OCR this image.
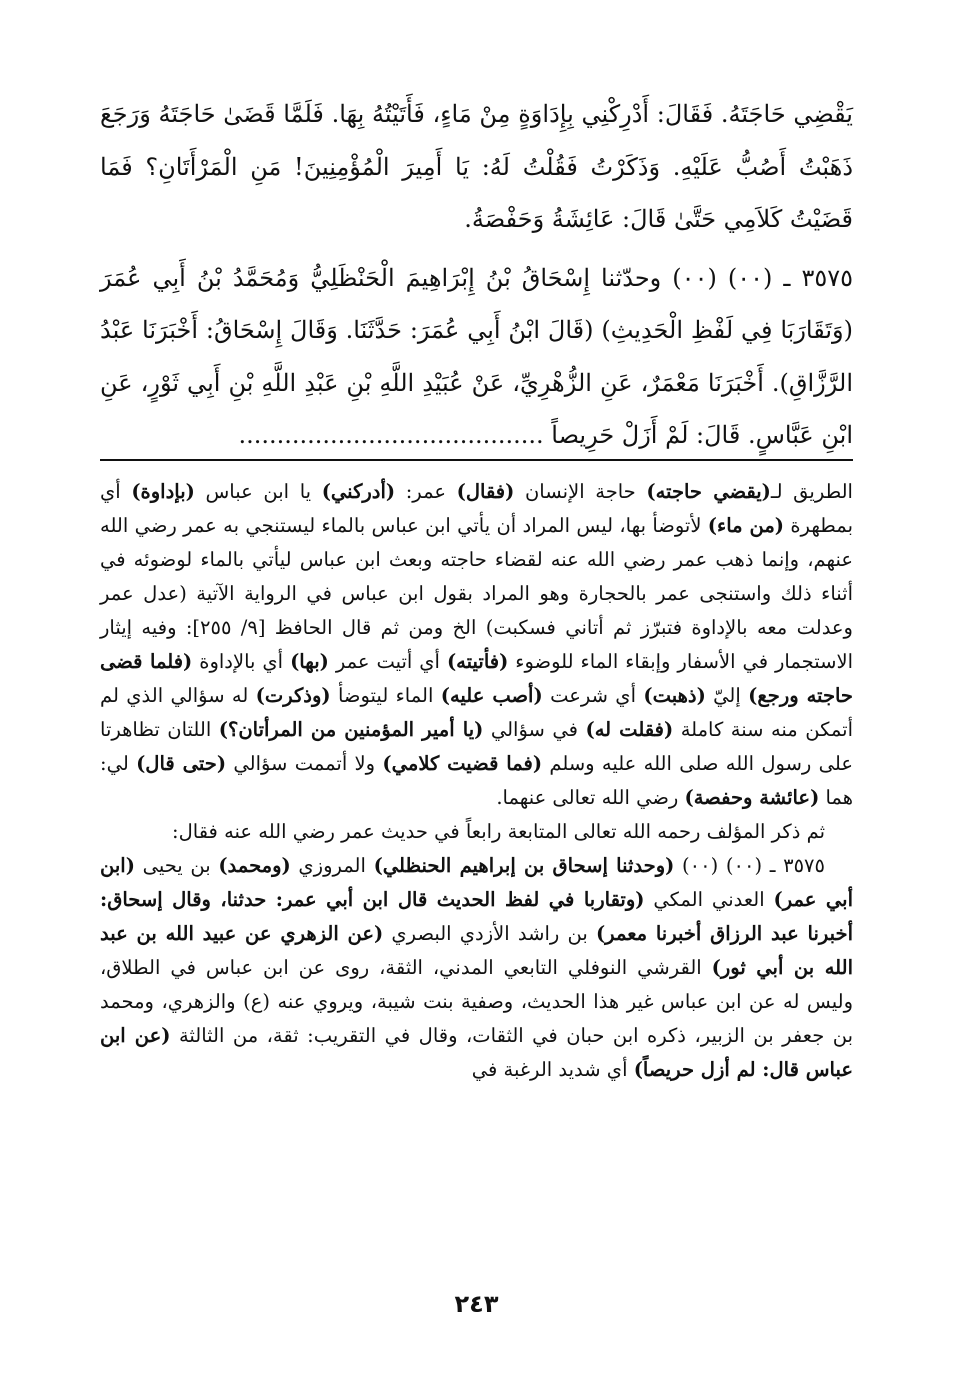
يَقْضِي حَاجَتَهُ. فَقَالَ: أَدْرِكْنِي بِإِدَاوَةٍ مِنْ مَاءٍ، فَأَتَيْتُهُ بِهَا. فَلَمَّا قَضَىٰ حَاجَتَهُ وَرَجَعَ ذَهَبْتُ أَصُبُّ عَلَيْهِ. وَذَكَرْتُ فَقُلْتُ لَهُ: يَا أَمِيرَ الْمُؤْمِنِينَ! مَنِ الْمَرْأَتَانِ؟ فَمَا قَضَيْتُ كَلاَمِي حَتَّىٰ قَالَ: عَائِشَةُ وَحَفْصَةُ.

٣٥٧٥ ـ (٠٠) (٠٠) وحدّثنا إِسْحَاقُ بْنُ إِبْرَاهِيمَ الْحَنْظَلِيُّ وَمُحَمَّدُ بْنُ أَبِي عُمَرَ (وَتَقَارَبَا فِي لَفْظِ الْحَدِيثِ) (قَالَ ابْنُ أَبِي عُمَرَ: حَدَّثَنَا. وَقَالَ إِسْحَاقُ: أَخْبَرَنَا عَبْدُ الرَّزَّاقِ). أَخْبَرَنَا مَعْمَرٌ، عَنِ الزُّهْرِيِّ، عَنْ عُبَيْدِ اللَّهِ بْنِ عَبْدِ اللَّهِ بْنِ أَبِي ثَوْرٍ، عَنِ ابْنِ عَبَّاسٍ. قَالَ: لَمْ أَزَلْ حَرِيصاً ........................................

الطريق لـ(يقضي حاجته) حاجة الإنسان (فقال) عمر: (أدركني) يا ابن عباس (بإداوة) أي بمطهرة (من ماء) لأتوضأ بها، ليس المراد أن يأتي ابن عباس بالماء ليستنجي به عمر رضي الله عنهم، وإنما ذهب عمر رضي الله عنه لقضاء حاجته وبعث ابن عباس ليأتي بالماء لوضوئه في أثناء ذلك واستنجى عمر بالحجارة وهو المراد بقول ابن عباس في الرواية الآتية (عدل عمر وعدلت معه بالإداوة فتبرّز ثم أتاني فسكبت) الخ ومن ثم قال الحافظ [٩/ ٢٥٥]: وفيه إيثار الاستجمار في الأسفار وإبقاء الماء للوضوء (فأتيته) أي أتيت عمر (بها) أي بالإداوة (فلما قضى حاجته ورجع) إليّ (ذهبت) أي شرعت (أصب عليه) الماء ليتوضأ (وذكرت) له سؤالي الذي لم أتمكن منه سنة كاملة (فقلت له) في سؤالي (يا أمير المؤمنين من المرأتان؟) اللتان تظاهرتا على رسول الله صلى الله عليه وسلم (فما قضيت كلامي) ولا أتممت سؤالي (حتى قال) لي: هما (عائشة وحفصة) رضي الله تعالى عنهما.

ثم ذكر المؤلف رحمه الله تعالى المتابعة رابعاً في حديث عمر رضي الله عنه فقال:

٣٥٧٥ ـ (٠٠) (٠٠) (وحدثنا إسحاق بن إبراهيم الحنظلي) المروزي (ومحمد) بن يحيى (ابن أبي عمر) العدني المكي (وتقاربا في لفظ الحديث قال ابن أبي عمر: حدثنا، وقال إسحاق: أخبرنا عبد الرزاق أخبرنا معمر) بن راشد الأزدي البصري (عن الزهري عن عبيد الله بن عبد الله بن أبي ثور) القرشي النوفلي التابعي المدني، الثقة، روى عن ابن عباس في الطلاق، وليس له عن ابن عباس غير هذا الحديث، وصفية بنت شيبة، ويروي عنه (ع) والزهري، ومحمد بن جعفر بن الزبير، ذكره ابن حبان في الثقات، وقال في التقريب: ثقة، من الثالثة (عن ابن عباس قال: لم أزل حريصاً) أي شديد الرغبة في

٢٤٣
